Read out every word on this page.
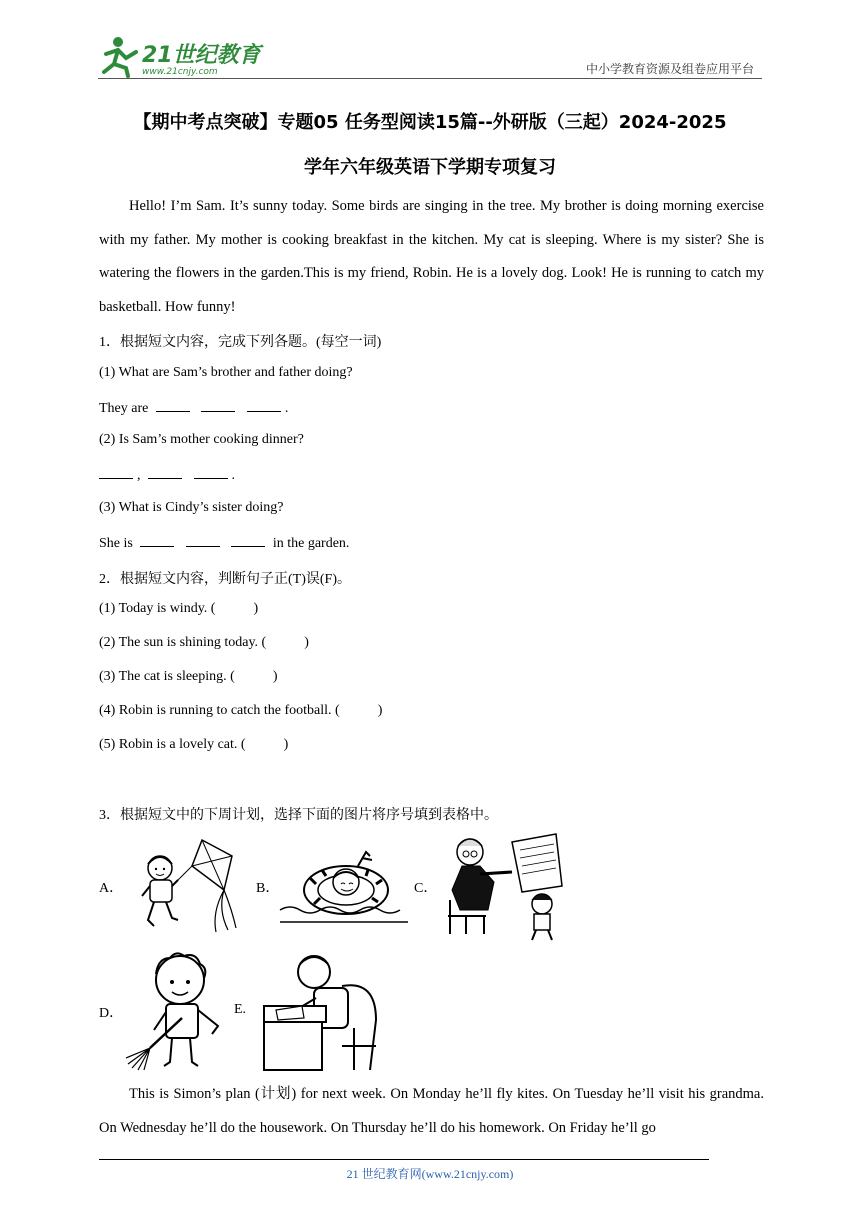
21世纪教育
www.21cnjy.com	中小学教育资源及组卷应用平台
【期中考点突破】专题05 任务型阅读15篇--外研版（三起）2024-2025
学年六年级英语下学期专项复习
Hello! I’m Sam. It’s sunny today. Some birds are singing in the tree. My brother is doing morning exercise with my father. My mother is cooking breakfast in the kitchen. My cat is sleeping. Where is my sister? She is watering the flowers in the garden.This is my friend, Robin. He is a lovely dog. Look! He is running to catch my basketball. How funny!
1．根据短文内容，完成下列各题。(每空一词)
(1) What are Sam’s brother and father doing?
They are	.
(2) Is Sam’s mother cooking dinner?
,	.
(3) What is Cindy’s sister doing?
She is	in the garden.
2．根据短文内容，判断句子正(T)误(F)。
(1) Today is windy. (	)
(2) The sun is shining today. (	)
(3) The cat is sleeping. (	)
(4) Robin is running to catch the football. (	)
(5) Robin is a lovely cat. (	)
3．根据短文中的下周计划，选择下面的图片将序号填到表格中。
A．	B．	C．
D．	E.
This is Simon’s plan (计划) for next week. On Monday he’ll fly kites. On Tuesday he’ll visit his grandma. On Wednesday he’ll do the housework. On Thursday he’ll do his homework. On Friday he’ll go
21 世纪教育网(www.21cnjy.com)
